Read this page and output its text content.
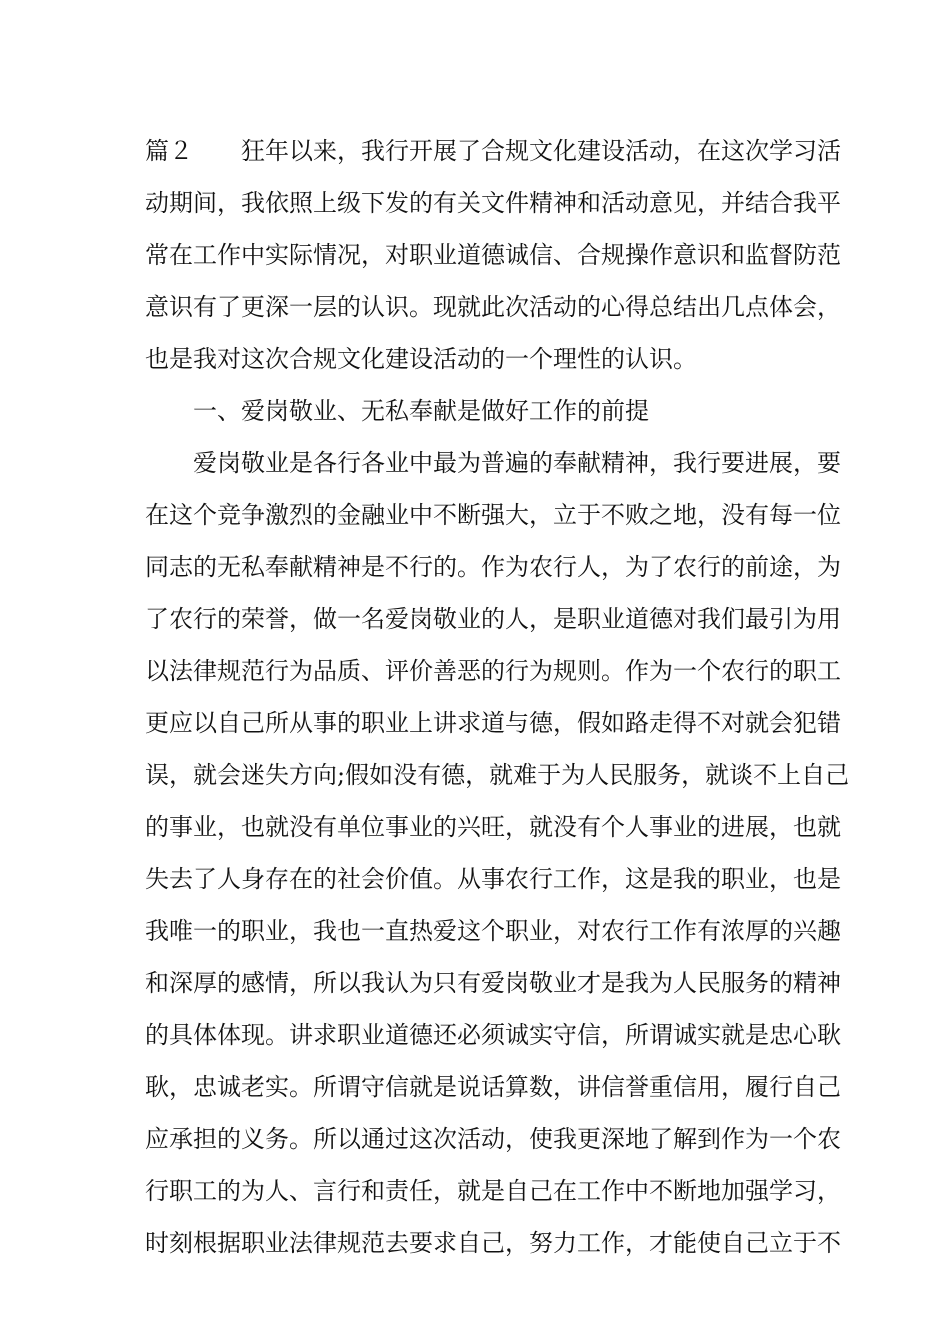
篇２　　狂年以来，我行开展了合规文化建设活动，在这次学习活
动期间，我依照上级下发的有关文件精神和活动意见，并结合我平
常在工作中实际情况，对职业道德诚信、合规操作意识和监督防范
意识有了更深一层的认识。现就此次活动的心得总结出几点体会，
也是我对这次合规文化建设活动的一个理性的认识。
一、爱岗敬业、无私奉献是做好工作的前提
爱岗敬业是各行各业中最为普遍的奉献精神，我行要进展，要
在这个竞争激烈的金融业中不断强大，立于不败之地，没有每一位
同志的无私奉献精神是不行的。作为农行人，为了农行的前途，为
了农行的荣誉，做一名爱岗敬业的人，是职业道德对我们最引为用
以法律规范行为品质、评价善恶的行为规则。作为一个农行的职工
更应以自己所从事的职业上讲求道与德，假如路走得不对就会犯错
误，就会迷失方向;假如没有德，就难于为人民服务，就谈不上自己
的事业，也就没有单位事业的兴旺，就没有个人事业的进展，也就
失去了人身存在的社会价值。从事农行工作，这是我的职业，也是
我唯一的职业，我也一直热爱这个职业，对农行工作有浓厚的兴趣
和深厚的感情，所以我认为只有爱岗敬业才是我为人民服务的精神
的具体体现。讲求职业道德还必须诚实守信，所谓诚实就是忠心耿
耿，忠诚老实。所谓守信就是说话算数，讲信誉重信用，履行自己
应承担的义务。所以通过这次活动，使我更深地了解到作为一个农
行职工的为人、言行和责任，就是自己在工作中不断地加强学习，
时刻根据职业法律规范去要求自己，努力工作，才能使自己立于不
